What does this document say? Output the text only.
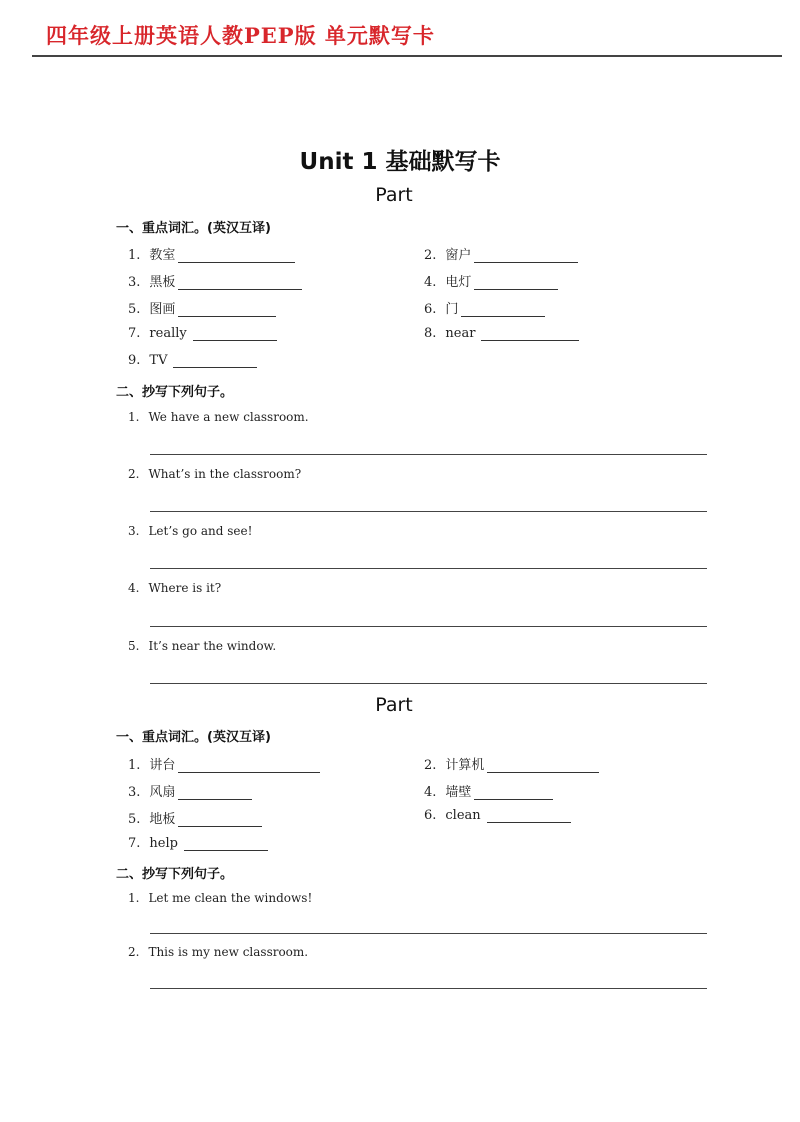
四年级上册英语人教PEP版 单元默写卡
Unit 1 基础默写卡
Part
一、重点词汇。(英汉互译)
1. 教室	2. 窗户
3. 黑板	4. 电灯
5. 图画	6. 门
7. really	8. near
9. TV
二、抄写下列句子。
1. We have a new classroom.
2. What’s in the classroom?
3. Let’s go and see!
4. Where is it?
5. It’s near the window.
Part
一、重点词汇。(英汉互译)
1. 讲台	2. 计算机
3. 风扇	4. 墙壁
5. 地板	6. clean
7. help
二、抄写下列句子。
1. Let me clean the windows!
2. This is my new classroom.
